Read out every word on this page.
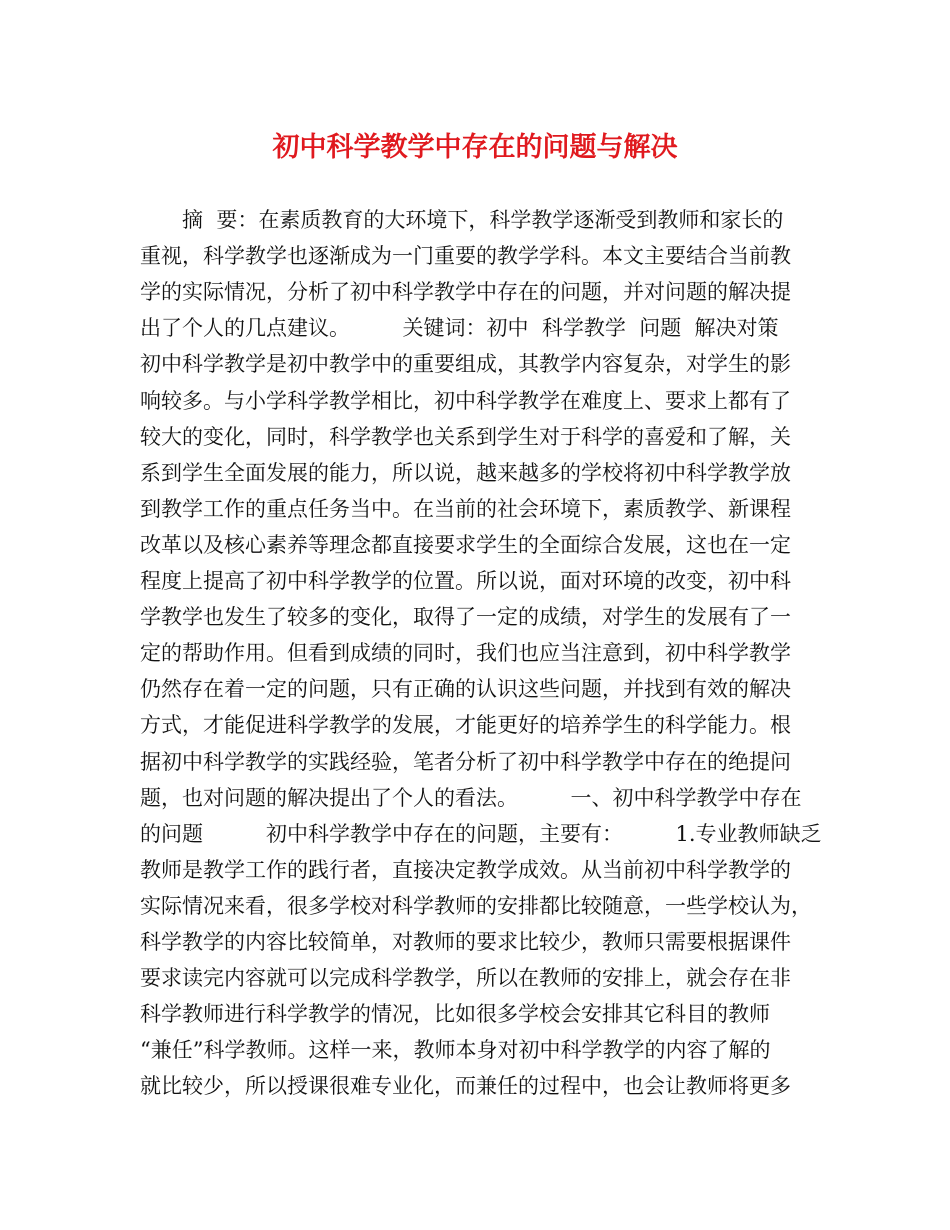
初中科学教学中存在的问题与解决
　　摘  要：在素质教育的大环境下，科学教学逐渐受到教师和家长的
重视，科学教学也逐渐成为一门重要的教学学科。本文主要结合当前教
学的实际情况，分析了初中科学教学中存在的问题，并对问题的解决提
出了个人的几点建议。　　　关键词：初中  科学教学  问题  解决对策
初中科学教学是初中教学中的重要组成，其教学内容复杂，对学生的影
响较多。与小学科学教学相比，初中科学教学在难度上、要求上都有了
较大的变化，同时，科学教学也关系到学生对于科学的喜爱和了解，关
系到学生全面发展的能力，所以说，越来越多的学校将初中科学教学放
到教学工作的重点任务当中。在当前的社会环境下，素质教学、新课程
改革以及核心素养等理念都直接要求学生的全面综合发展，这也在一定
程度上提高了初中科学教学的位置。所以说，面对环境的改变，初中科
学教学也发生了较多的变化，取得了一定的成绩，对学生的发展有了一
定的帮助作用。但看到成绩的同时，我们也应当注意到，初中科学教学
仍然存在着一定的问题，只有正确的认识这些问题，并找到有效的解决
方式，才能促进科学教学的发展，才能更好的培养学生的科学能力。根
据初中科学教学的实践经验，笔者分析了初中科学教学中存在的绝提问
题，也对问题的解决提出了个人的看法。　　　一、初中科学教学中存在
的问题　　　初中科学教学中存在的问题，主要有：　　　1.专业教师缺乏
教师是教学工作的践行者，直接决定教学成效。从当前初中科学教学的
实际情况来看，很多学校对科学教师的安排都比较随意，一些学校认为，
科学教学的内容比较简单，对教师的要求比较少，教师只需要根据课件
要求读完内容就可以完成科学教学，所以在教师的安排上，就会存在非
科学教师进行科学教学的情况，比如很多学校会安排其它科目的教师
“兼任”科学教师。这样一来，教师本身对初中科学教学的内容了解的
就比较少，所以授课很难专业化，而兼任的过程中，也会让教师将更多
